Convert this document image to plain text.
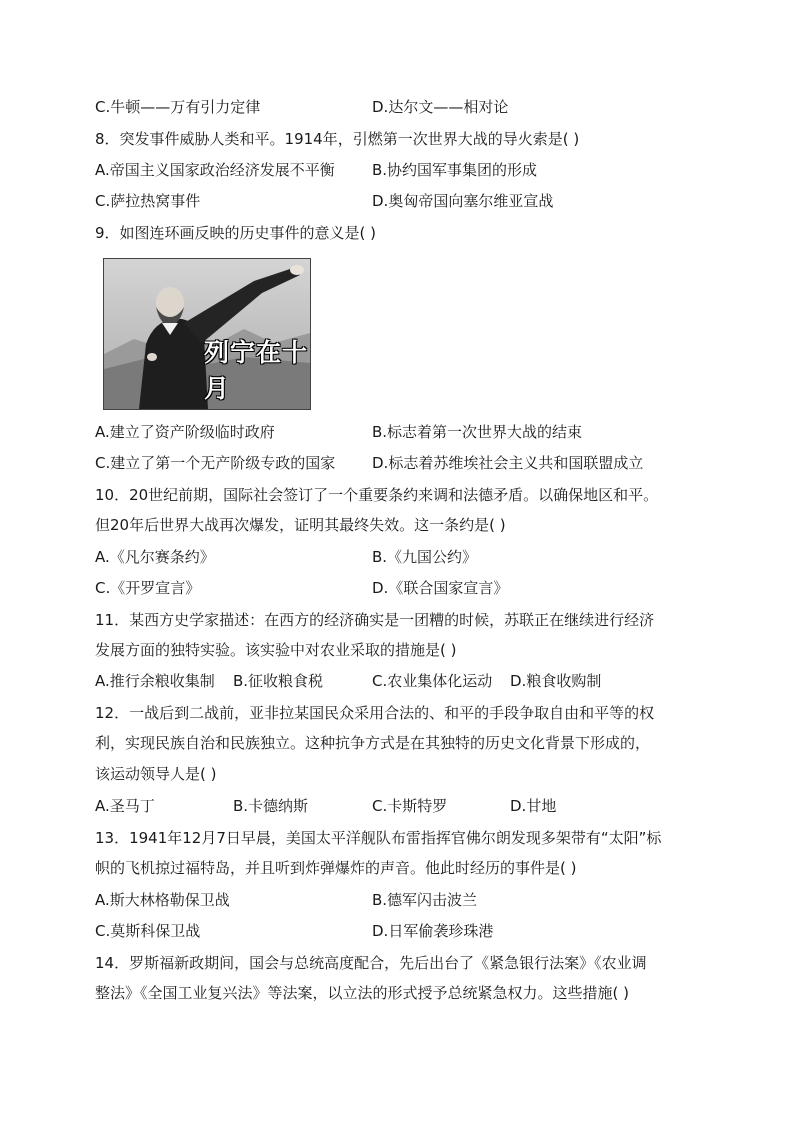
C.牛顿——万有引力定律	D.达尔文——相对论
8．突发事件威胁人类和平。1914年，引燃第一次世界大战的导火索是( )
A.帝国主义国家政治经济发展不平衡 B.协约国军事集团的形成
C.萨拉热窝事件	D.奥匈帝国向塞尔维亚宣战
9．如图连环画反映的历史事件的意义是( )
列宁在十月
A.建立了资产阶级临时政府	B.标志着第一次世界大战的结束
C.建立了第一个无产阶级专政的国家 D.标志着苏维埃社会主义共和国联盟成立
10．20世纪前期，国际社会签订了一个重要条约来调和法德矛盾。以确保地区和平。
但20年后世界大战再次爆发，证明其最终失效。这一条约是( )
A.《凡尔赛条约》	B.《九国公约》
C.《开罗宣言》	D.《联合国家宣言》
11．某西方史学家描述：在西方的经济确实是一团糟的时候，苏联正在继续进行经济
发展方面的独特实验。该实验中对农业采取的措施是( )
A.推行余粮收集制 B.征收粮食税	C.农业集体化运动 D.粮食收购制
12．一战后到二战前，亚非拉某国民众采用合法的、和平的手段争取自由和平等的权
利，实现民族自治和民族独立。这种抗争方式是在其独特的历史文化背景下形成的，
该运动领导人是( )
A.圣马丁	B.卡德纳斯	C.卡斯特罗	D.甘地
13．1941年12月7日早晨，美国太平洋舰队布雷指挥官佛尔朗发现多架带有“太阳”标
帜的飞机掠过福特岛，并且听到炸弹爆炸的声音。他此时经历的事件是( )
A.斯大林格勒保卫战	B.德军闪击波兰
C.莫斯科保卫战	D.日军偷袭珍珠港
14．罗斯福新政期间，国会与总统高度配合，先后出台了《紧急银行法案》《农业调
整法》《全国工业复兴法》等法案，以立法的形式授予总统紧急权力。这些措施( )
